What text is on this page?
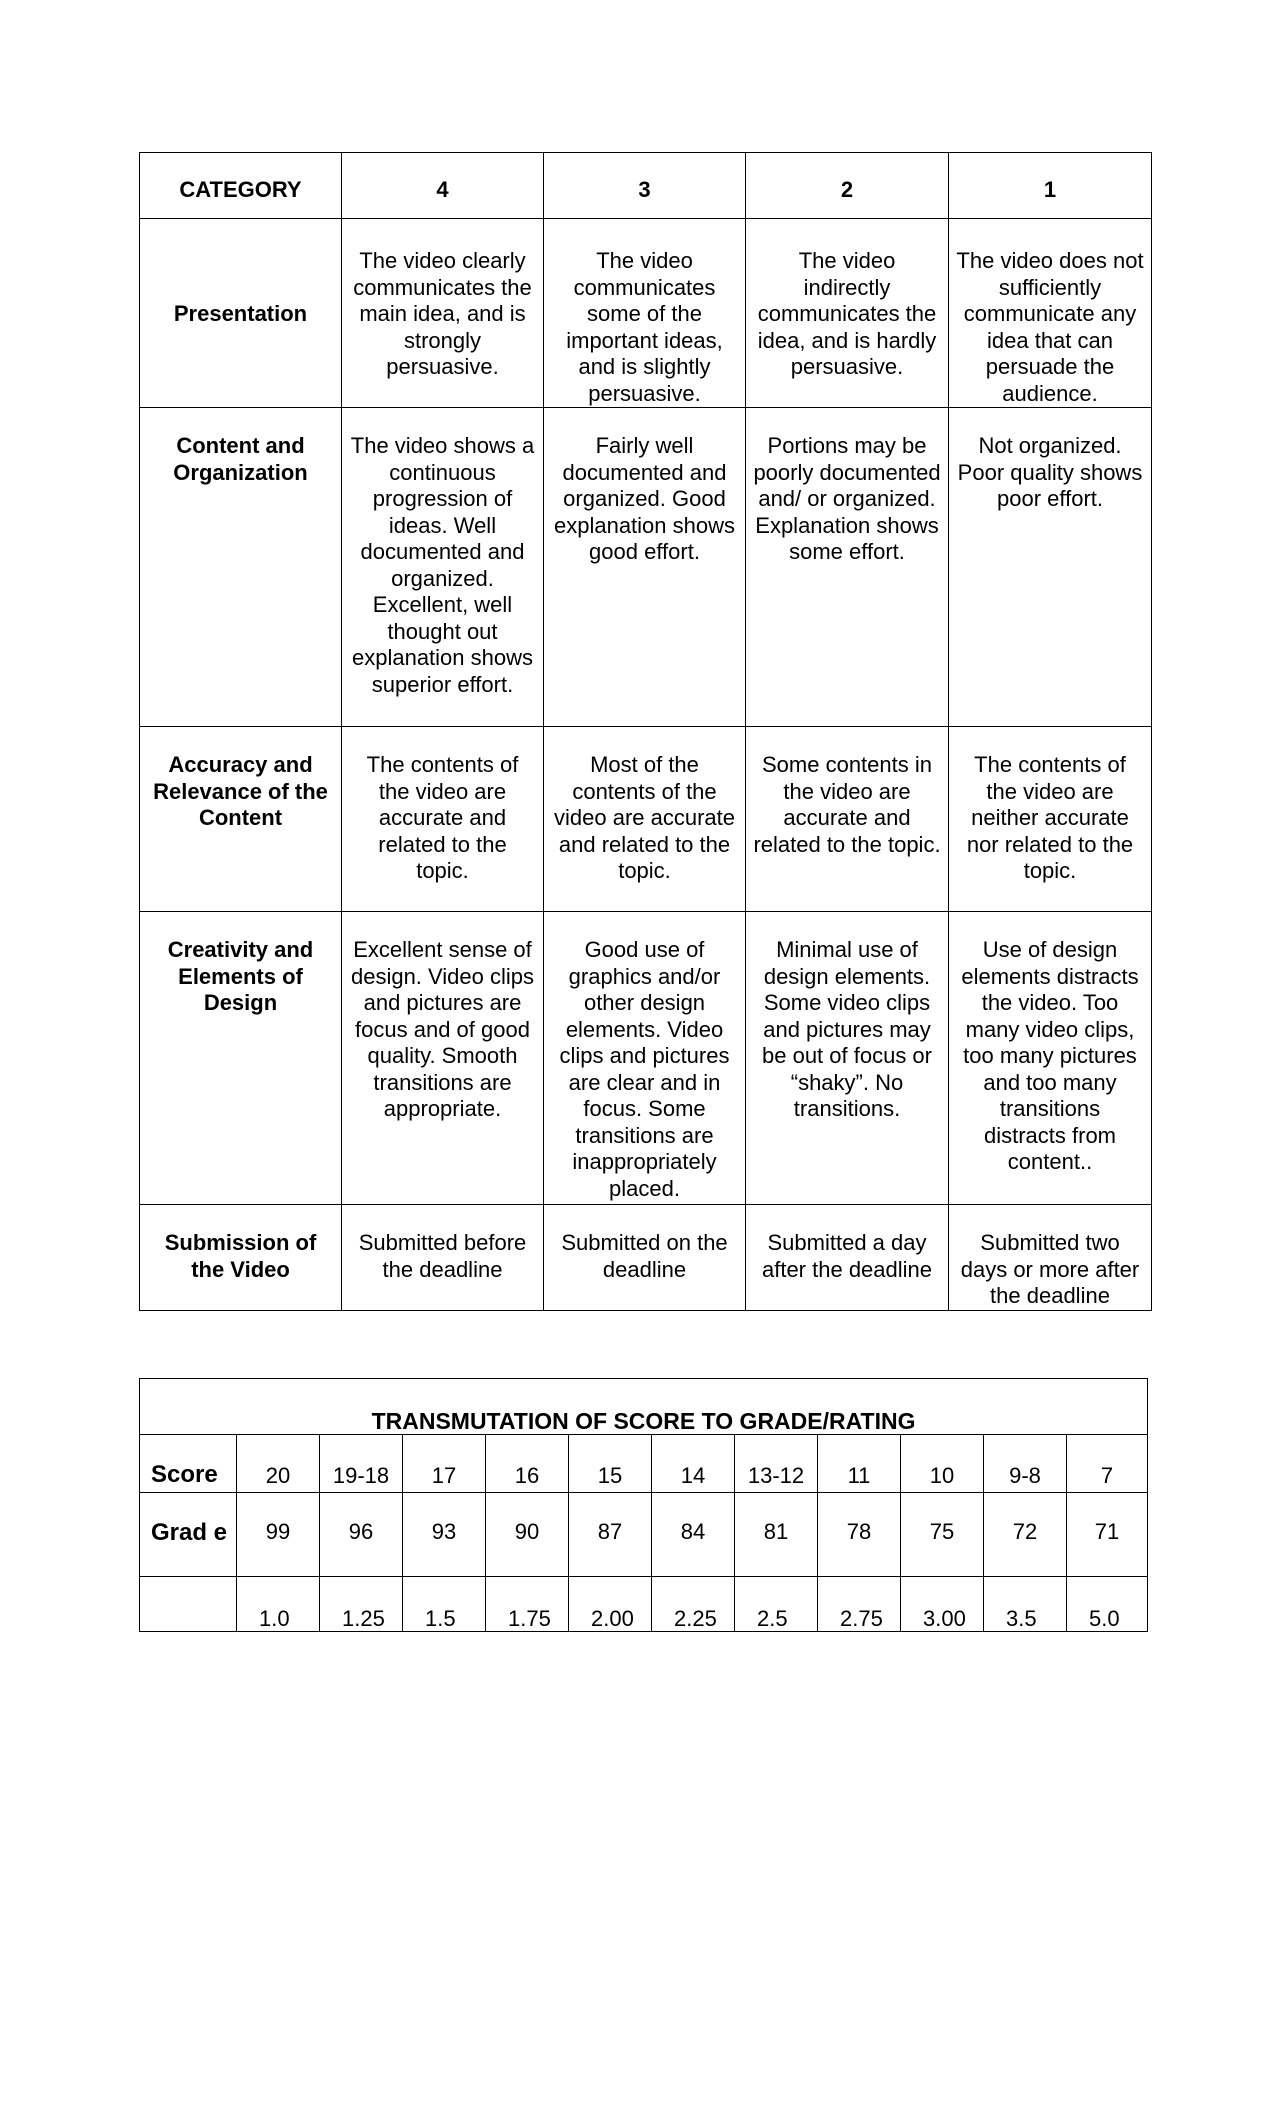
CATEGORY	4	3	2	1
Presentation	The video clearly communicates the main idea, and is strongly persuasive.	The video communicates some of the important ideas, and is slightly persuasive.	The video indirectly communicates the idea, and is hardly persuasive.	The video does not sufficiently communicate any idea that can persuade the audience.
Content and Organization	The video shows a continuous progression of ideas. Well documented and organized. Excellent, well thought out explanation shows superior effort.	Fairly well documented and organized. Good explanation shows good effort.	Portions may be poorly documented and/ or organized. Explanation shows some effort.	Not organized. Poor quality shows poor effort.
Accuracy and Relevance of the Content	The contents of the video are accurate and related to the topic.	Most of the contents of the video are accurate and related to the topic.	Some contents in the video are accurate and related to the topic.	The contents of the video are neither accurate nor related to the topic.
Creativity and Elements of Design	Excellent sense of design. Video clips and pictures are focus and of good quality. Smooth transitions are appropriate.	Good use of graphics and/or other design elements. Video clips and pictures are clear and in focus. Some transitions are inappropriately placed.	Minimal use of design elements. Some video clips and pictures may be out of focus or “shaky”. No transitions.	Use of design elements distracts the video. Too many video clips, too many pictures and too many transitions distracts from content..
Submission of the Video	Submitted before the deadline	Submitted on the deadline	Submitted a day after the deadline	Submitted two days or more after the deadline
TRANSMUTATION OF SCORE TO GRADE/RATING											
Score	20	19-18	17	16	15	14	13-12	11	10	9-8	7
Grad e	99	96	93	90	87	84	81	78	75	72	71
	1.0	1.25	1.5	1.75	2.00	2.25	2.5	2.75	3.00	3.5	5.0
